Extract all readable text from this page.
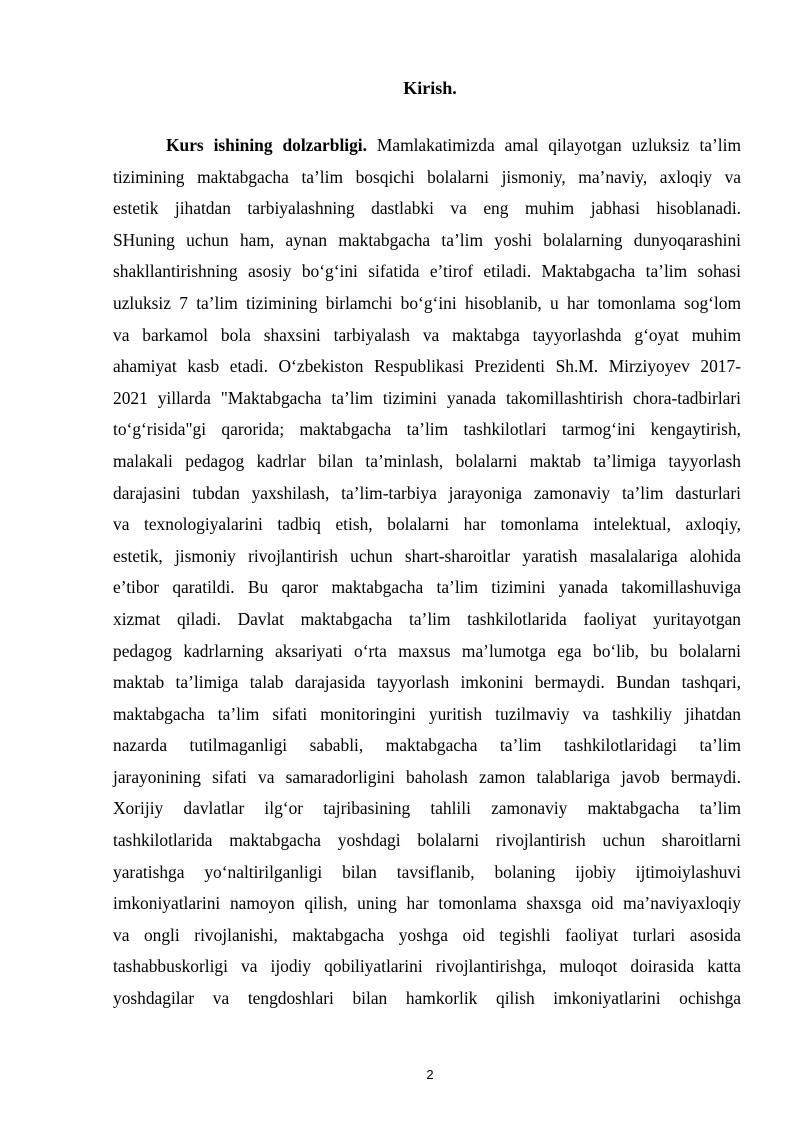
Kirish.
Kurs ishining dolzarbligi. Mamlakatimizda amal qilayotgan uzluksiz ta’lim
tizimining maktabgacha ta’lim bosqichi bolalarni jismoniy, ma’naviy, axloqiy va
estetik jihatdan tarbiyalashning dastlabki va eng muhim jabhasi hisoblanadi.
SHuning uchun ham, aynan maktabgacha ta’lim yoshi bolalarning dunyoqarashini
shakllantirishning asosiy bo‘g‘ini sifatida e’tirof etiladi. Maktabgacha ta’lim sohasi
uzluksiz 7 ta’lim tizimining birlamchi bo‘g‘ini hisoblanib, u har tomonlama sog‘lom
va barkamol bola shaxsini tarbiyalash va maktabga tayyorlashda g‘oyat muhim
ahamiyat kasb etadi. O‘zbekiston Respublikasi Prezidenti Sh.M. Mirziyoyev 2017-
2021 yillarda "Maktabgacha ta’lim tizimini yanada takomillashtirish chora-tadbirlari
to‘g‘risida"gi qarorida; maktabgacha ta’lim tashkilotlari tarmog‘ini kengaytirish,
malakali pedagog kadrlar bilan ta’minlash, bolalarni maktab ta’limiga tayyorlash
darajasini tubdan yaxshilash, ta’lim-tarbiya jarayoniga zamonaviy ta’lim dasturlari
va texnologiyalarini tadbiq etish, bolalarni har tomonlama intelektual, axloqiy,
estetik, jismoniy rivojlantirish uchun shart-sharoitlar yaratish masalalariga alohida
e’tibor qaratildi. Bu qaror maktabgacha ta’lim tizimini yanada takomillashuviga
xizmat qiladi. Davlat maktabgacha ta’lim tashkilotlarida faoliyat yuritayotgan
pedagog kadrlarning aksariyati o‘rta maxsus ma’lumotga ega bo‘lib, bu bolalarni
maktab ta’limiga talab darajasida tayyorlash imkonini bermaydi. Bundan tashqari,
maktabgacha ta’lim sifati monitoringini yuritish tuzilmaviy va tashkiliy jihatdan
nazarda tutilmaganligi sababli, maktabgacha ta’lim tashkilotlaridagi ta’lim
jarayonining sifati va samaradorligini baholash zamon talablariga javob bermaydi.
Xorijiy davlatlar ilg‘or tajribasining tahlili zamonaviy maktabgacha ta’lim
tashkilotlarida maktabgacha yoshdagi bolalarni rivojlantirish uchun sharoitlarni
yaratishga yo‘naltirilganligi bilan tavsiflanib, bolaning ijobiy ijtimoiylashuvi
imkoniyatlarini namoyon qilish, uning har tomonlama shaxsga oid ma’naviyaxloqiy
va ongli rivojlanishi, maktabgacha yoshga oid tegishli faoliyat turlari asosida
tashabbuskorligi va ijodiy qobiliyatlarini rivojlantirishga, muloqot doirasida katta
yoshdagilar va tengdoshlari bilan hamkorlik qilish imkoniyatlarini ochishga
2
